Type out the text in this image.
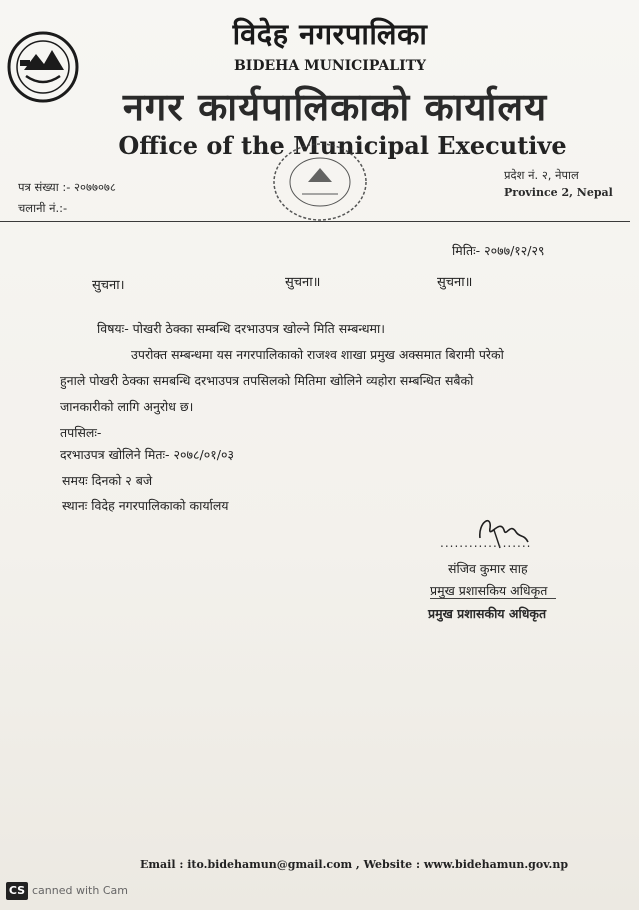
विदेह नगरपालिका
BIDEHA MUNICIPALITY
नगर कार्यपालिकाको कार्यालय
Office of the Municipal Executive
पत्र संख्या :- २०७७०७८
चलानी नं.:-
प्रदेश नं. २, नेपाल
Province 2, Nepal
मितिः- २०७७/१२/२९
सुचना।	सुचना॥	सुचना॥
विषयः- पोखरी ठेक्का सम्बन्धि दरभाउपत्र खोल्ने मिति सम्बन्धमा।
उपरोक्त सम्बन्धमा यस नगरपालिकाको राजश्व शाखा प्रमुख अक्समात बिरामी परेको
हुनाले पोखरी ठेक्का समबन्धि दरभाउपत्र तपसिलको मितिमा खोलिने व्यहोरा सम्बन्धित सबैको
जानकारीको लागि अनुरोध छ।
तपसिलः-
दरभाउपत्र खोलिने मितः- २०७८/०१/०३
समयः दिनको २ बजे
स्थानः विदेह नगरपालिकाको कार्यालय
...................
संजिव कुमार साह
प्रमुख प्रशासकिय अधिकृत
प्रमुख प्रशासकीय अधिकृत
Email : ito.bidehamun@gmail.com , Website : www.bidehamun.gov.np
CS canned with Cam
